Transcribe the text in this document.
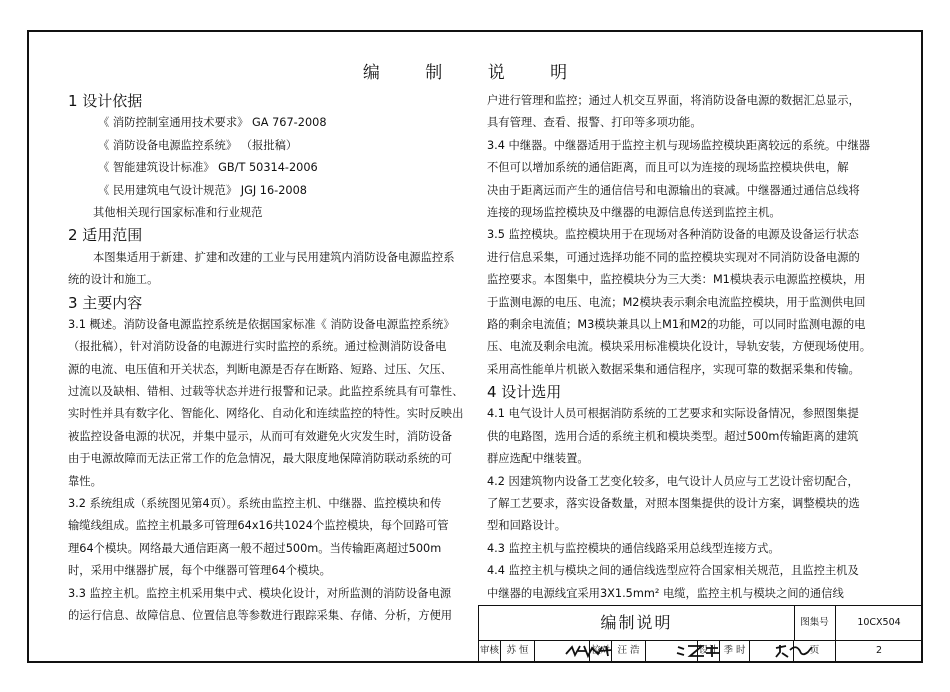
编 制 说 明
1 设计依据
《 消防控制室通用技术要求》 GA 767-2008
《 消防设备电源监控系统》 （报批稿）
《 智能建筑设计标准》 GB/T 50314-2006
《 民用建筑电气设计规范》 JGJ 16-2008
其他相关现行国家标准和行业规范
2 适用范围
本图集适用于新建、扩建和改建的工业与民用建筑内消防设备电源监控系
统的设计和施工。
3 主要内容
3.1 概述。消防设备电源监控系统是依据国家标准《 消防设备电源监控系统》
（报批稿），针对消防设备的电源进行实时监控的系统。通过检测消防设备电
源的电流、电压值和开关状态，判断电源是否存在断路、短路、过压、欠压、
过流以及缺相、错相、过载等状态并进行报警和记录。此监控系统具有可靠性、
实时性并具有数字化、智能化、网络化、自动化和连续监控的特性。实时反映出
被监控设备电源的状况，并集中显示，从而可有效避免火灾发生时，消防设备
由于电源故障而无法正常工作的危急情况，最大限度地保障消防联动系统的可
靠性。
3.2 系统组成（系统图见第4页）。系统由监控主机、中继器、监控模块和传
输缆线组成。监控主机最多可管理64x16共1024个监控模块，每个回路可管
理64个模块。网络最大通信距离一般不超过500m。当传输距离超过500m
时，采用中继器扩展，每个中继器可管理64个模块。
3.3 监控主机。监控主机采用集中式、模块化设计，对所监测的消防设备电源
的运行信息、故障信息、位置信息等参数进行跟踪采集、存储、分析，方便用
户进行管理和监控；通过人机交互界面，将消防设备电源的数据汇总显示，
具有管理、查看、报警、打印等多项功能。
3.4 中继器。中继器适用于监控主机与现场监控模块距离较远的系统。中继器
不但可以增加系统的通信距离，而且可以为连接的现场监控模块供电，解
决由于距离远而产生的通信信号和电源输出的衰减。中继器通过通信总线将
连接的现场监控模块及中继器的电源信息传送到监控主机。
3.5 监控模块。监控模块用于在现场对各种消防设备的电源及设备运行状态
进行信息采集，可通过选择功能不同的监控模块实现对不同消防设备电源的
监控要求。本图集中，监控模块分为三大类：M1模块表示电源监控模块，用
于监测电源的电压、电流；M2模块表示剩余电流监控模块，用于监测供电回
路的剩余电流值；M3模块兼具以上M1和M2的功能，可以同时监测电源的电
压、电流及剩余电流。模块采用标准模块化设计，导轨安装，方便现场使用。
采用高性能单片机嵌入数据采集和通信程序，实现可靠的数据采集和传输。
4 设计选用
4.1 电气设计人员可根据消防系统的工艺要求和实际设备情况，参照图集提
供的电路图，选用合适的系统主机和模块类型。超过500m传输距离的建筑
群应选配中继装置。
4.2 因建筑物内设备工艺变化较多，电气设计人员应与工艺设计密切配合，
了解工艺要求，落实设备数量，对照本图集提供的设计方案，调整模块的选
型和回路设计。
4.3 监控主机与监控模块的通信线路采用总线型连接方式。
4.4 监控主机与模块之间的通信线选型应符合国家相关规范，且监控主机及
中继器的电源线宜采用3X1.5mm² 电缆，监控主机与模块之间的通信线
编制说明	图集号	10CX504
审核 苏 恒	校对 汪 浩	设计 季 时	页	2
